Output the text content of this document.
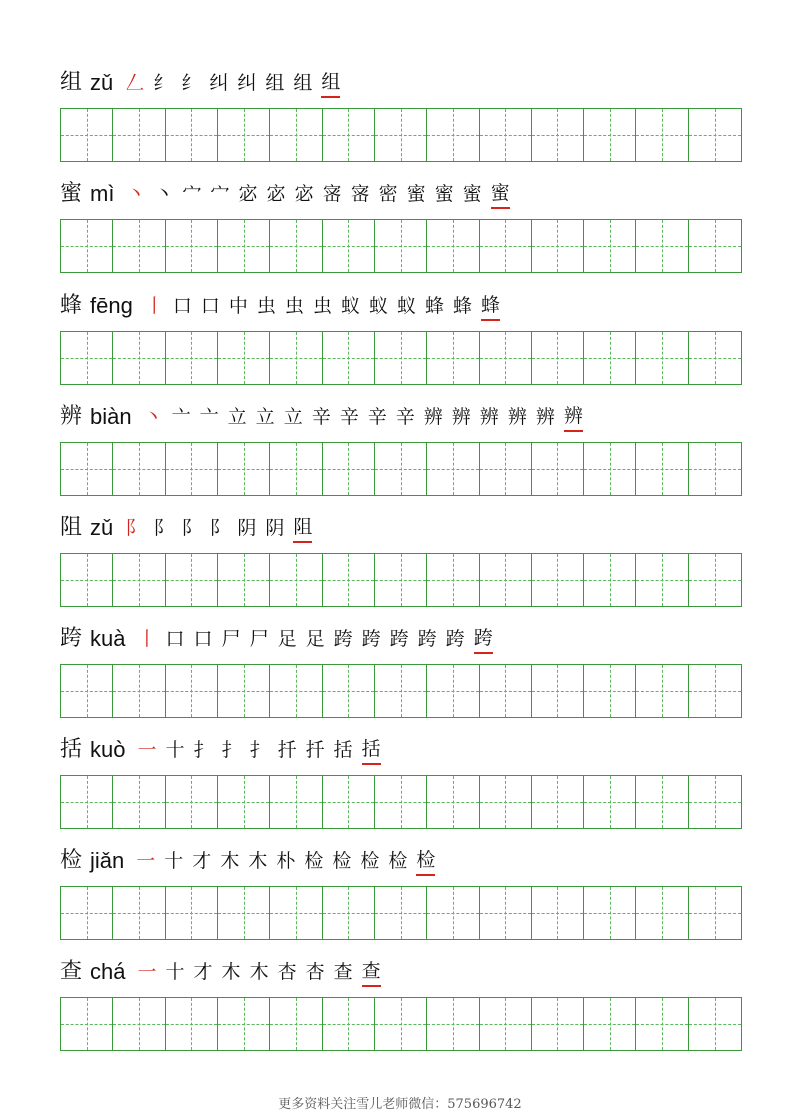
组 zǔ 𠃋 纟 纟 纠 纠 组 组 组
蜜 mì 丶 丶 宀 宀 宓 宓 宓 宻 宻 密 蜜 蜜 蜜 蜜
蜂 fēng 丨 口 口 中 虫 虫 虫 蚁 蚁 蚁 蜂 蜂 蜂
辨 biàn 丶 亠 亠 立 立 立 辛 辛 辛 辛 辨 辨 辨 辨 辨 辨
阻 zǔ 阝 阝 阝 阝 阴 阴 阻
跨 kuà 丨 口 口 尸 尸 足 足 跨 跨 跨 跨 跨 跨
括 kuò 一 十 扌 扌 扌 扦 扦 括 括
检 jiǎn 一 十 才 木 木 朴 检 检 检 检 检
查 chá 一 十 才 木 木 杏 杏 查 查
更多资料关注雪儿老师微信：575696742
